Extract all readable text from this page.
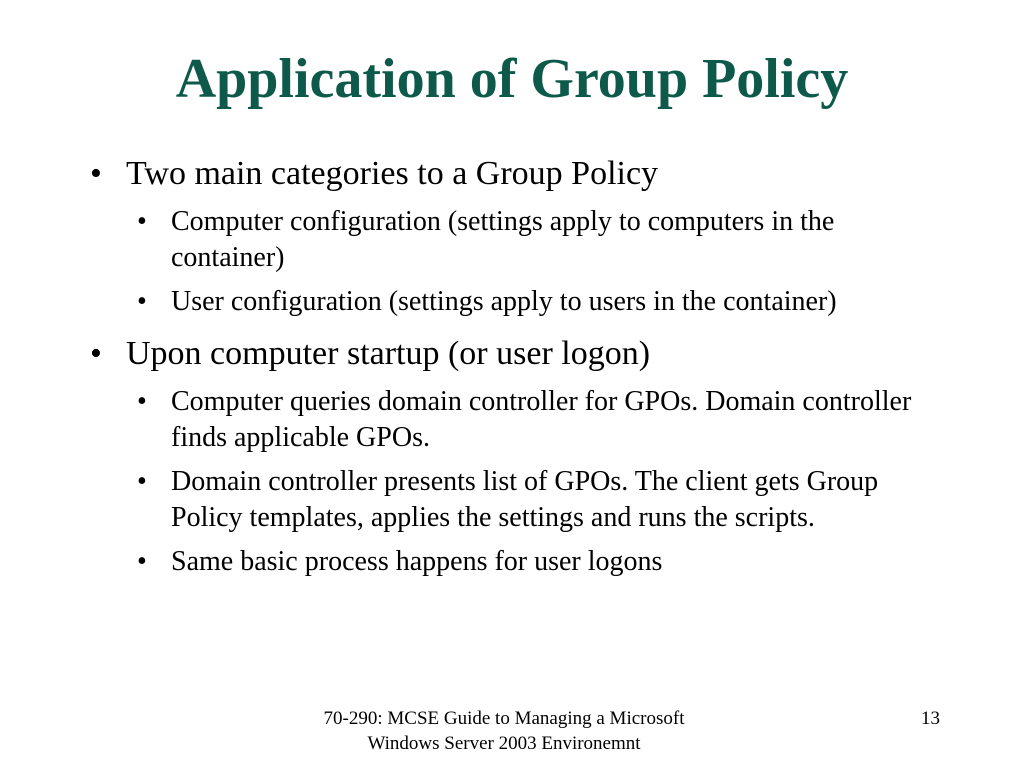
Application of Group Policy
• Two main categories to a Group Policy
• Computer configuration (settings apply to computers in the container)
• User configuration (settings apply to users in the container)
• Upon computer startup (or user logon)
• Computer queries domain controller for GPOs. Domain controller finds applicable GPOs.
• Domain controller presents list of GPOs. The client gets Group Policy templates, applies the settings and runs the scripts.
• Same basic process happens for user logons
70-290: MCSE Guide to Managing a Microsoft
Windows Server 2003 Environemnt
13
